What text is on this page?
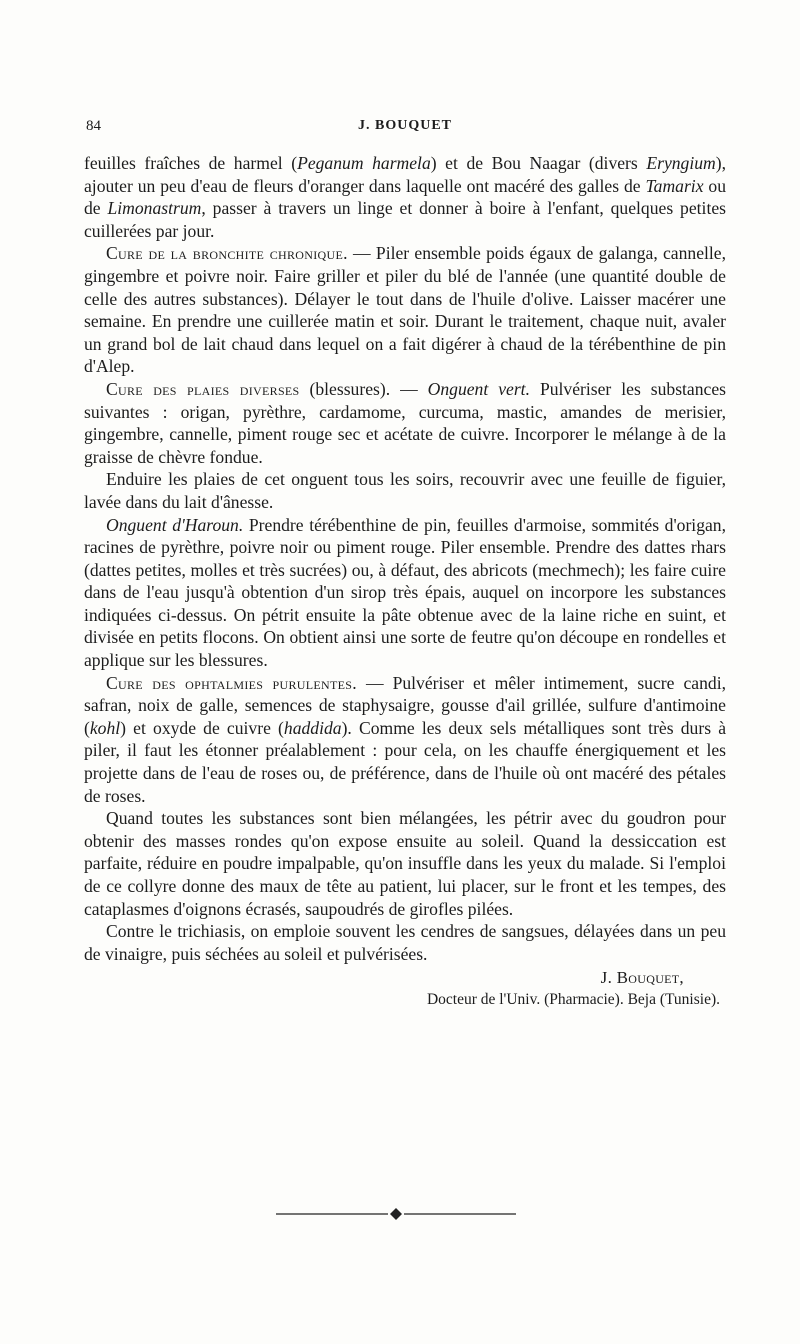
84	J. BOUQUET

feuilles fraîches de harmel (Peganum harmela) et de Bou Naagar (divers Eryngium), ajouter un peu d'eau de fleurs d'oranger dans laquelle ont macéré des galles de Tamarix ou de Limonastrum, passer à travers un linge et donner à boire à l'enfant, quelques petites cuillerées par jour.

Cure de la bronchite chronique. — Piler ensemble poids égaux de galanga, cannelle, gingembre et poivre noir. Faire griller et piler du blé de l'année (une quantité double de celle des autres substances). Délayer le tout dans de l'huile d'olive. Laisser macérer une semaine. En prendre une cuillerée matin et soir. Durant le traitement, chaque nuit, avaler un grand bol de lait chaud dans lequel on a fait digérer à chaud de la térébenthine de pin d'Alep.

Cure des plaies diverses (blessures). — Onguent vert. Pulvériser les substances suivantes : origan, pyrèthre, cardamome, curcuma, mastic, amandes de merisier, gingembre, cannelle, piment rouge sec et acétate de cuivre. Incorporer le mélange à de la graisse de chèvre fondue.

Enduire les plaies de cet onguent tous les soirs, recouvrir avec une feuille de figuier, lavée dans du lait d'ânesse.

Onguent d'Haroun. Prendre térébenthine de pin, feuilles d'armoise, sommités d'origan, racines de pyrèthre, poivre noir ou piment rouge. Piler ensemble. Prendre des dattes rhars (dattes petites, molles et très sucrées) ou, à défaut, des abricots (mechmech); les faire cuire dans de l'eau jusqu'à obtention d'un sirop très épais, auquel on incorpore les substances indiquées ci-dessus. On pétrit ensuite la pâte obtenue avec de la laine riche en suint, et divisée en petits flocons. On obtient ainsi une sorte de feutre qu'on découpe en rondelles et applique sur les blessures.

Cure des ophtalmies purulentes. — Pulvériser et mêler intimement, sucre candi, safran, noix de galle, semences de staphysaigre, gousse d'ail grillée, sulfure d'antimoine (kohl) et oxyde de cuivre (haddida). Comme les deux sels métalliques sont très durs à piler, il faut les étonner préalablement : pour cela, on les chauffe énergiquement et les projette dans de l'eau de roses ou, de préférence, dans de l'huile où ont macéré des pétales de roses.

Quand toutes les substances sont bien mélangées, les pétrir avec du goudron pour obtenir des masses rondes qu'on expose ensuite au soleil. Quand la dessiccation est parfaite, réduire en poudre impalpable, qu'on insuffle dans les yeux du malade. Si l'emploi de ce collyre donne des maux de tête au patient, lui placer, sur le front et les tempes, des cataplasmes d'oignons écrasés, saupoudrés de girofles pilées.

Contre le trichiasis, on emploie souvent les cendres de sangsues, délayées dans un peu de vinaigre, puis séchées au soleil et pulvérisées.

J. Bouquet,
Docteur de l'Univ. (Pharmacie). Beja (Tunisie).
